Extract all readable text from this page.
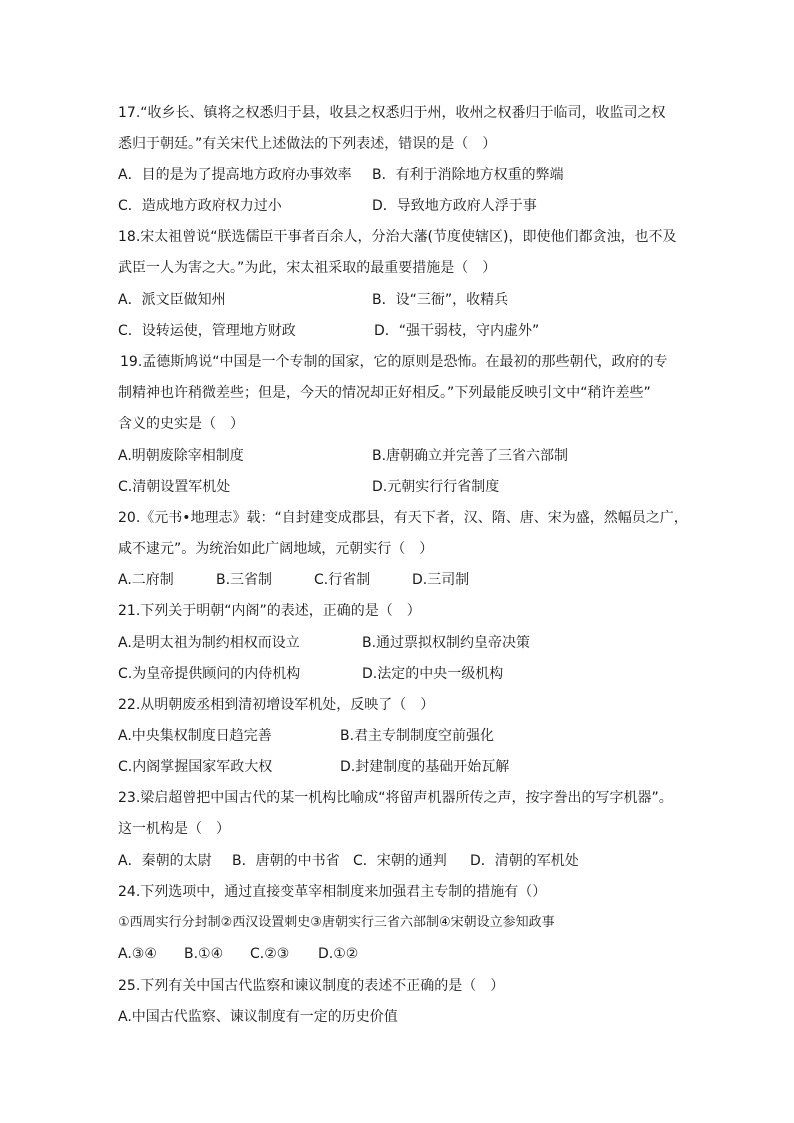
17.“收乡长、镇将之权悉归于县，收县之权悉归于州，收州之权番归于临司，收监司之权
悉归于朝廷。”有关宋代上述做法的下列表述，错误的是（　）
A．目的是为了提高地方政府办事效率 B．有利于消除地方权重的弊端
C．造成地方政府权力过小	D．导致地方政府人浮于事
18.宋太祖曾说“朕选儒臣干事者百余人，分治大藩(节度使辖区)，即使他们都贪浊，也不及
武臣一人为害之大。”为此，宋太祖采取的最重要措施是（　）
A．派文臣做知州	B．设“三衙”，收精兵
C．设转运使，管理地方财政	D．“强干弱枝，守内虚外”
19.孟德斯鸠说“中国是一个专制的国家，它的原则是恐怖。在最初的那些朝代，政府的专
制精神也许稍微差些；但是，今天的情况却正好相反。”下列最能反映引文中“稍许差些”
含义的史实是（　）
A.明朝废除宰相制度	B.唐朝确立并完善了三省六部制
C.清朝设置军机处	D.元朝实行行省制度
20.《元书•地理志》载：“自封建变成郡县，有天下者，汉、隋、唐、宋为盛，然幅员之广，
咸不逮元”。为统治如此广阔地域，元朝实行（　）
A.二府制	B.三省制	C.行省制	D.三司制
21.下列关于明朝“内阁”的表述，正确的是（　）
A.是明太祖为制约相权而设立	B.通过票拟权制约皇帝决策
C.为皇帝提供顾问的内侍机构	D.法定的中央一级机构
22.从明朝废丞相到清初增设军机处，反映了（　）
A.中央集权制度日趋完善	B.君主专制制度空前强化
C.内阁掌握国家军政大权	D.封建制度的基础开始瓦解
23.梁启超曾把中国古代的某一机构比喻成“将留声机器所传之声，按字誊出的写字机器”。
这一机构是（　）
A．秦朝的太尉 B．唐朝的中书省 C．宋朝的通判 D．清朝的军机处
24.下列选项中，通过直接变革宰相制度来加强君主专制的措施有（）
①西周实行分封制②西汉设置刺史③唐朝实行三省六部制④宋朝设立参知政事
A.③④ B.①④ C.②③ D.①②
25.下列有关中国古代监察和谏议制度的表述不正确的是（　）
A.中国古代监察、谏议制度有一定的历史价值
